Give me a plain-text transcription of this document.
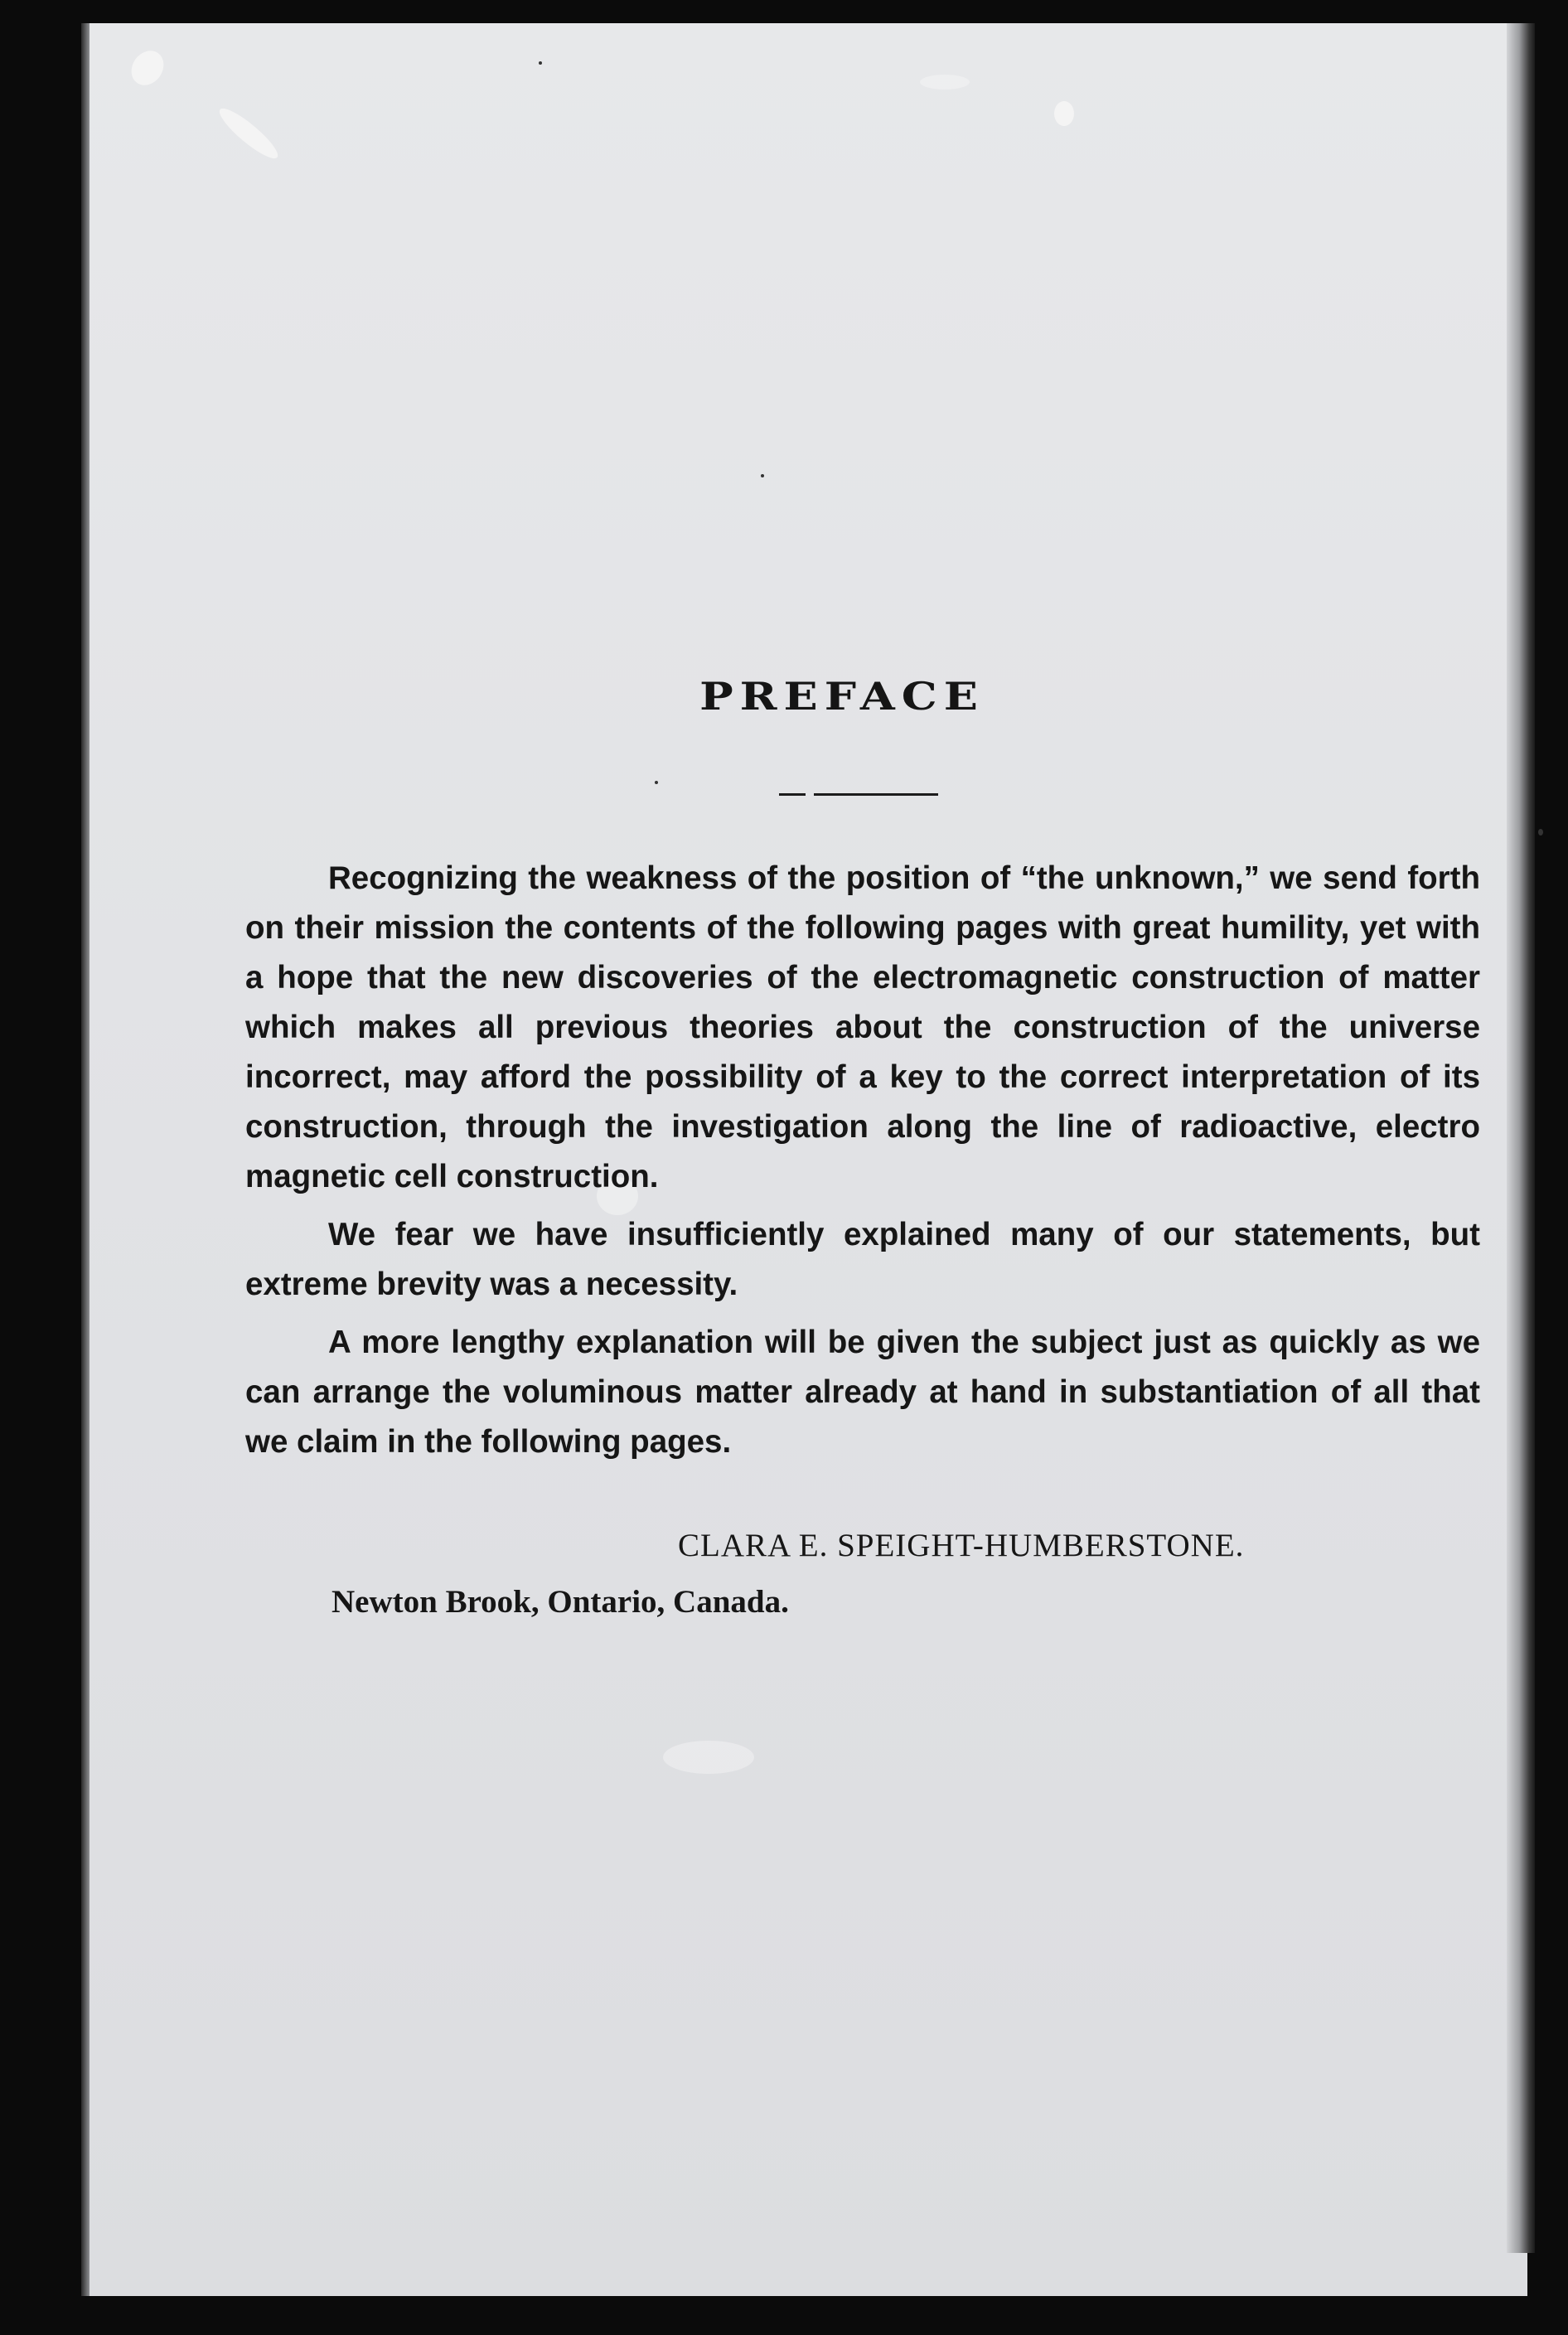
PREFACE

Recognizing the weakness of the position of “the unknown,” we send forth on their mission the contents of the following pages with great humility, yet with a hope that the new discoveries of the electromagnetic construction of matter which makes all previous theories about the construction of the universe incorrect, may afford the possibility of a key to the correct interpretation of its construction, through the investigation along the line of radioactive, electro magnetic cell construction.

We fear we have insufficiently explained many of our statements, but extreme brevity was a necessity.

A more lengthy explanation will be given the subject just as quickly as we can arrange the voluminous matter already at hand in substantiation of all that we claim in the following pages.

CLARA E. SPEIGHT-HUMBERSTONE.
Newton Brook, Ontario, Canada.
